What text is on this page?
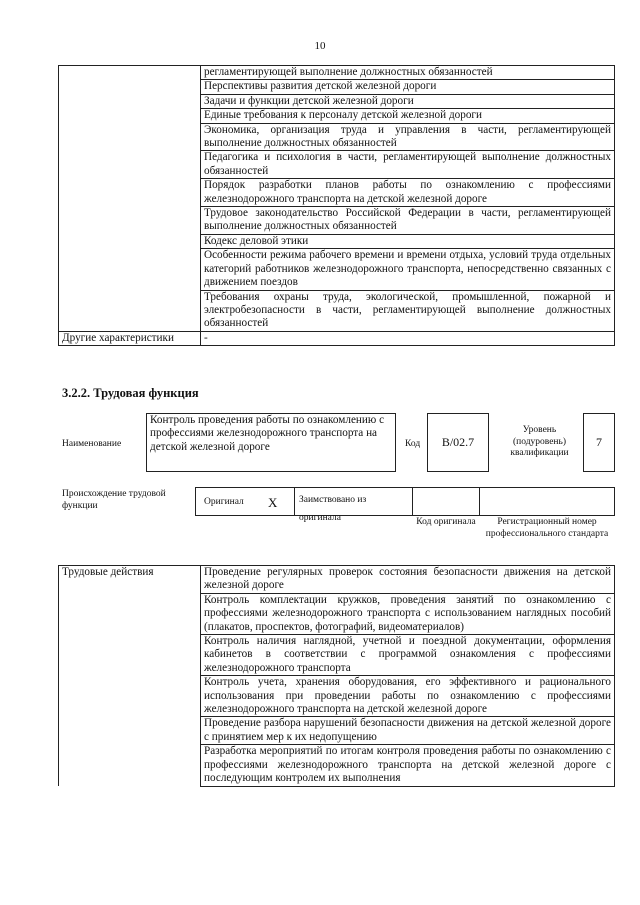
10
	регламентирующей выполнение должностных обязанностей
	Перспективы развития детской железной дороги
	Задачи и функции детской железной дороги
	Единые требования к персоналу детской железной дороги
	Экономика, организация труда и управления в части, регламентирующей выполнение должностных обязанностей
	Педагогика и психология в части, регламентирующей выполнение должностных обязанностей
	Порядок разработки планов работы по ознакомлению с профессиями железнодорожного транспорта на детской железной дороге
	Трудовое законодательство Российской Федерации в части, регламентирующей выполнение должностных обязанностей
	Кодекс деловой этики
	Особенности режима рабочего времени и времени отдыха, условий труда отдельных категорий работников железнодорожного транспорта, непосредственно связанных с движением поездов
	Требования охраны труда, экологической, промышленной, пожарной и электробезопасности в части, регламентирующей выполнение должностных обязанностей
Другие характеристики	-
3.2.2. Трудовая функция
Наименование
Контроль проведения работы по ознакомлению с профессиями железнодорожного транспорта на детской железной дороге	Код B/02.7
Уровень (подуровень) квалификации
7
Происхождение трудовой функции	Оригинал X	Заимствовано из оригинала	Код оригинала	Регистрационный номер профессионального стандарта
Трудовые действия	Проведение регулярных проверок состояния безопасности движения на детской железной дороге
Контроль комплектации кружков, проведения занятий по ознакомлению с профессиями железнодорожного транспорта с использованием наглядных пособий (плакатов, проспектов, фотографий, видеоматериалов)
Контроль наличия наглядной, учетной и поездной документации, оформления кабинетов в соответствии с программой ознакомления с профессиями железнодорожного транспорта
Контроль учета, хранения оборудования, его эффективного и рационального использования при проведении работы по ознакомлению с профессиями железнодорожного транспорта на детской железной дороге
Проведение разбора нарушений безопасности движения на детской железной дороге с принятием мер к их недопущению
Разработка мероприятий по итогам контроля проведения работы по ознакомлению с профессиями железнодорожного транспорта на детской железной дороге с последующим контролем их выполнения
